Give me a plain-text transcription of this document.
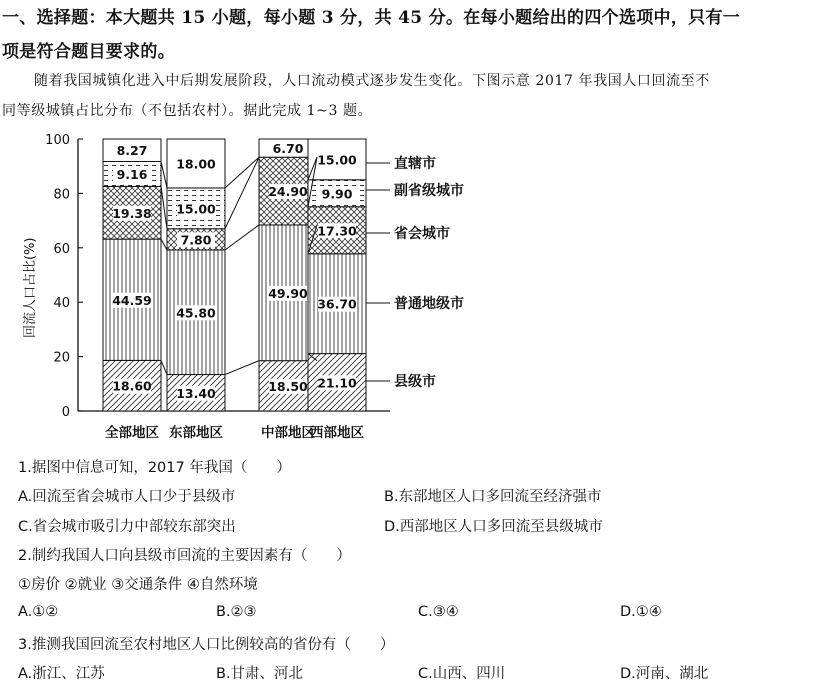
一、选择题：本大题共 15 小题，每小题 3 分，共 45 分。在每小题给出的四个选项中，只有一
项是符合题目要求的。
随着我国城镇化进入中后期发展阶段，人口流动模式逐步发生变化。下图示意 2017 年我国人口回流至不
同等级城镇占比分布（不包括农村）。据此完成 1~3 题。
回流人口占比(%)
0
20
40
60
80
100
18.60
44.59
19.38
9.16
8.27
全部地区
13.40
45.80
7.80
15.00
18.00
东部地区
18.50
49.90
24.90
6.70
中部地区
21.10
36.70
17.30
9.90
15.00
西部地区
直辖市
副省级城市
省会城市
普通地级市
县级市
1.据图中信息可知，2017 年我国（　　）
A.回流至省会城市人口少于县级市	B.东部地区人口多回流至经济强市
C.省会城市吸引力中部较东部突出	D.西部地区人口多回流至县级城市
2.制约我国人口向县级市回流的主要因素有（　　）
①房价 ②就业 ③交通条件 ④自然环境
A.①②	B.②③	C.③④	D.①④
3.推测我国回流至农村地区人口比例较高的省份有（　　）
A.浙江、江苏	B.甘肃、河北	C.山西、四川	D.河南、湖北
